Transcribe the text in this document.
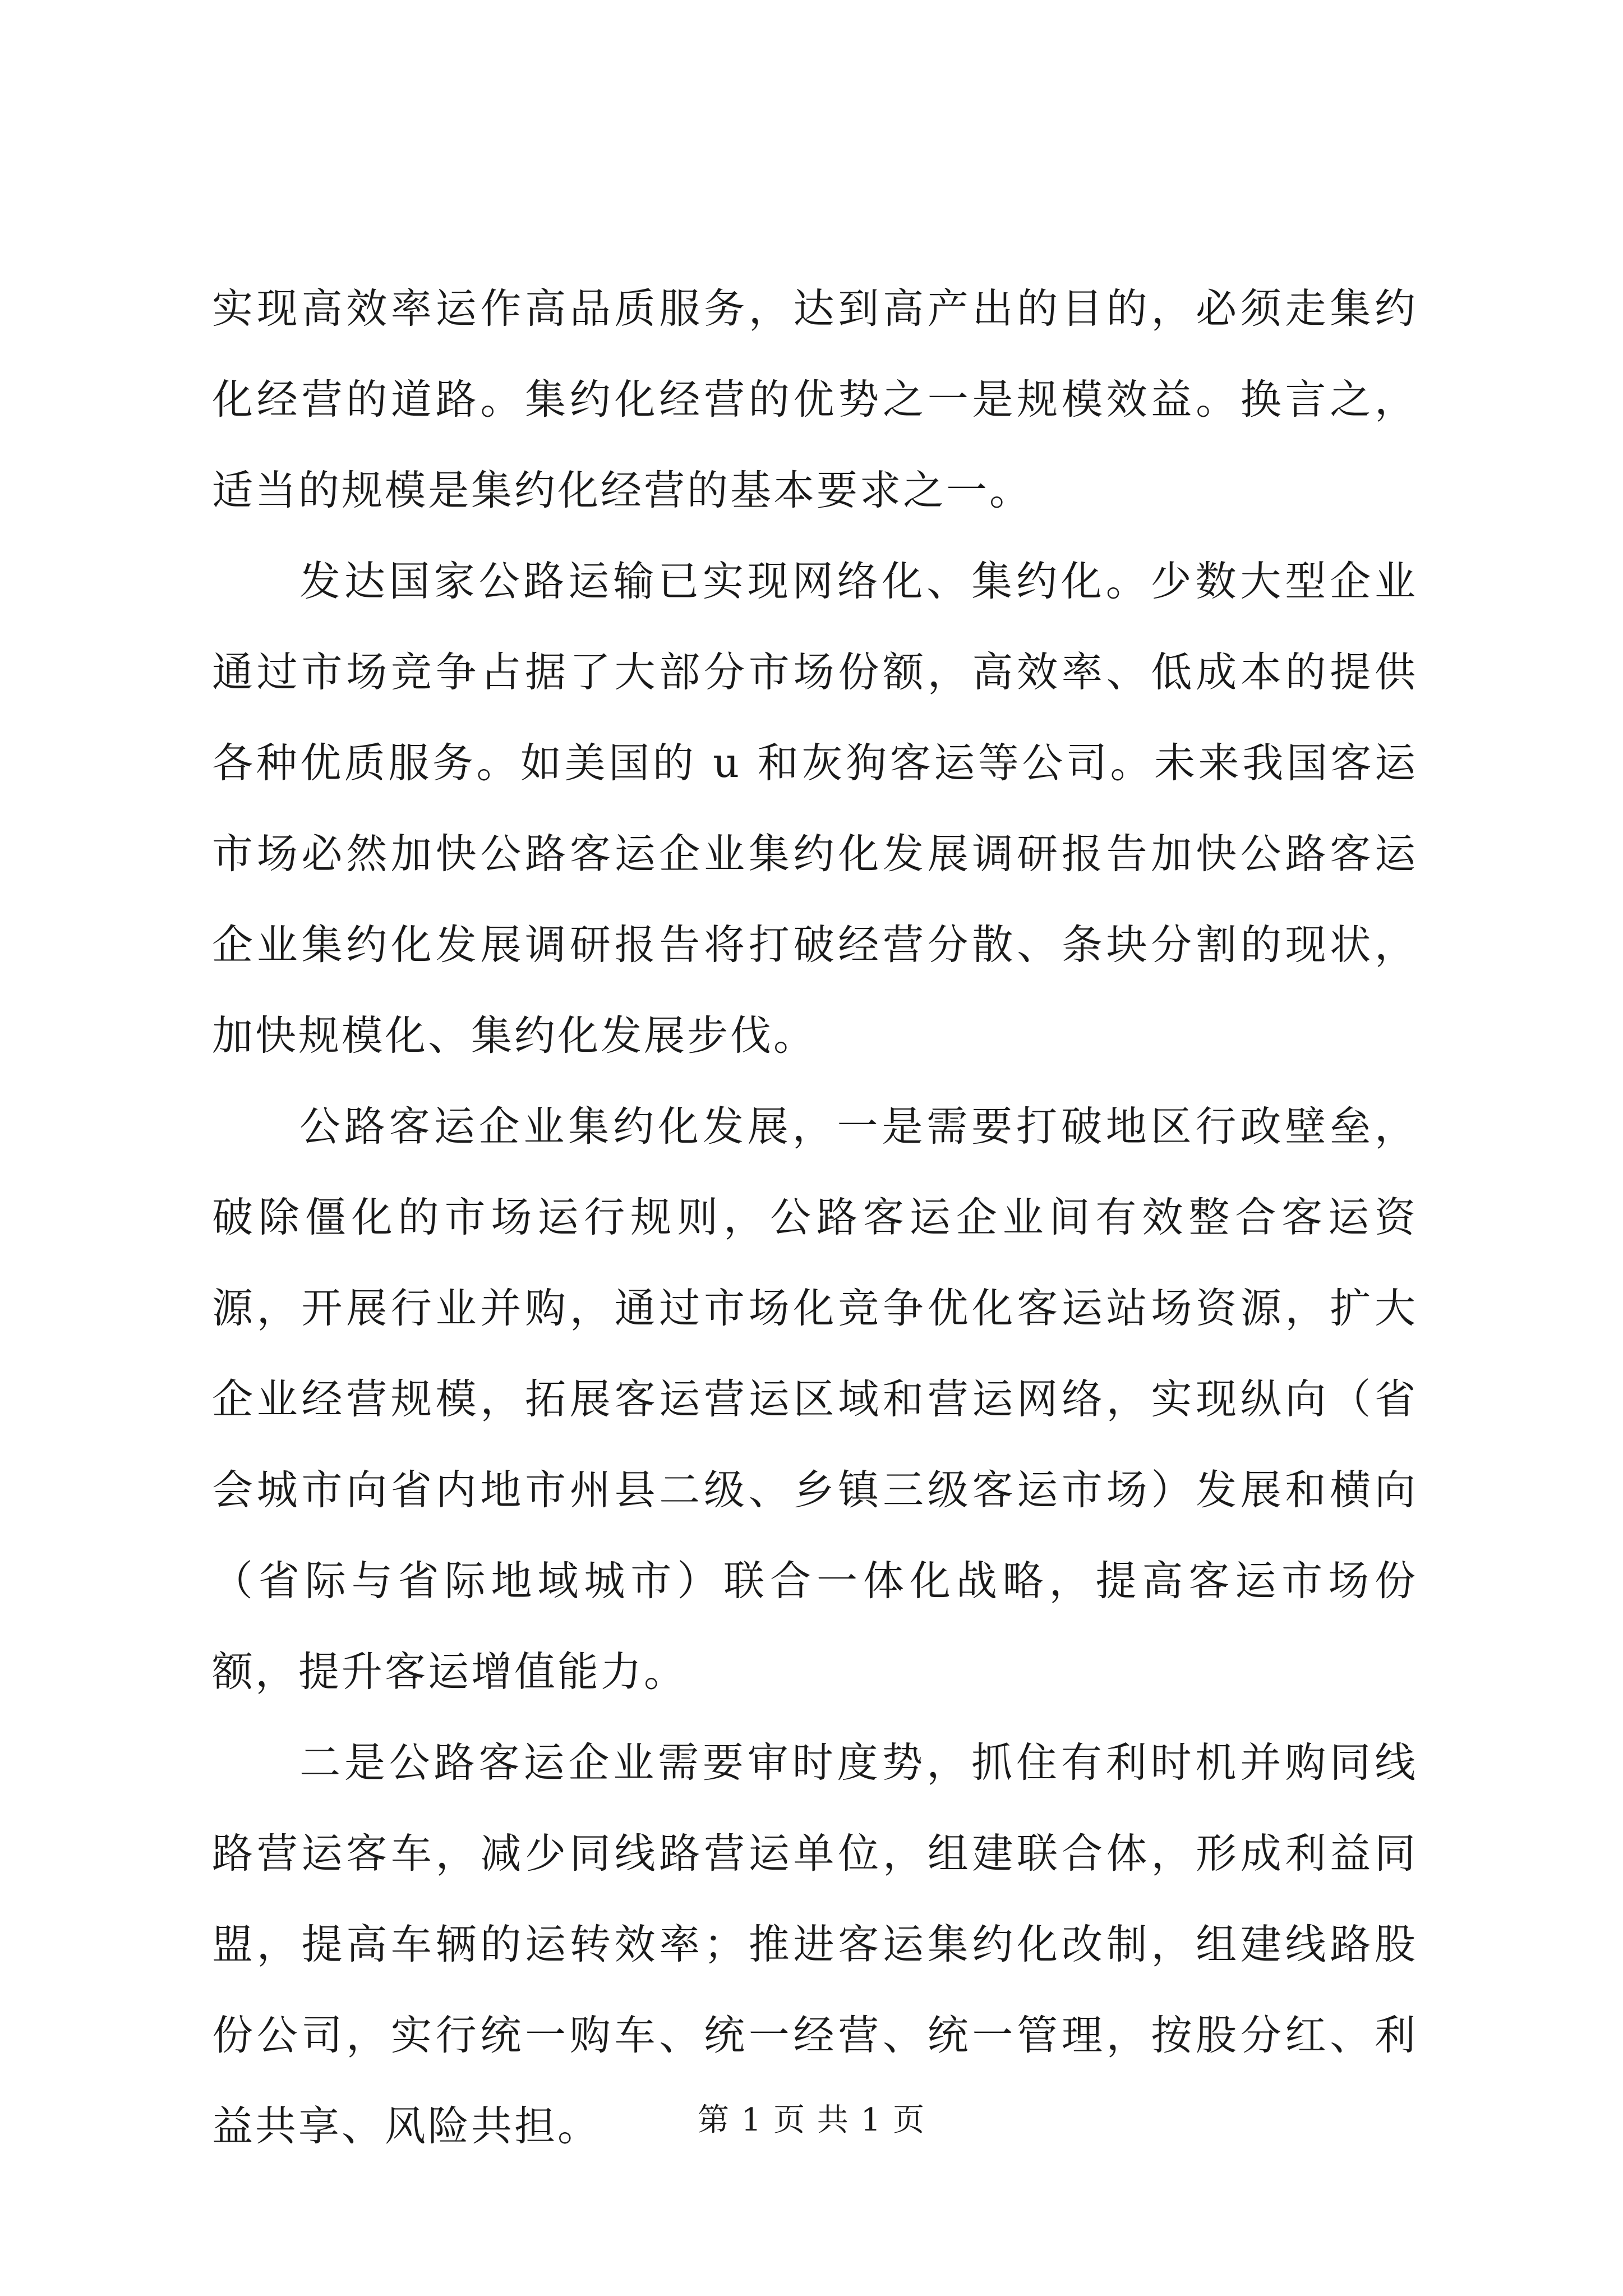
实现高效率运作高品质服务，达到高产出的目的，必须走集约化经营的道路。集约化经营的优势之一是规模效益。换言之，适当的规模是集约化经营的基本要求之一。

发达国家公路运输已实现网络化、集约化。少数大型企业通过市场竞争占据了大部分市场份额，高效率、低成本的提供各种优质服务。如美国的 u 和灰狗客运等公司。未来我国客运市场必然加快公路客运企业集约化发展调研报告加快公路客运企业集约化发展调研报告将打破经营分散、条块分割的现状，加快规模化、集约化发展步伐。

公路客运企业集约化发展，一是需要打破地区行政壁垒，破除僵化的市场运行规则，公路客运企业间有效整合客运资源，开展行业并购，通过市场化竞争优化客运站场资源，扩大企业经营规模，拓展客运营运区域和营运网络，实现纵向（省会城市向省内地市州县二级、乡镇三级客运市场）发展和横向（省际与省际地域城市）联合一体化战略，提高客运市场份额，提升客运增值能力。

二是公路客运企业需要审时度势，抓住有利时机并购同线路营运客车，减少同线路营运单位，组建联合体，形成利益同盟，提高车辆的运转效率；推进客运集约化改制，组建线路股份公司，实行统一购车、统一经营、统一管理，按股分红、利益共享、风险共担。	第 1 页 共 1 页
